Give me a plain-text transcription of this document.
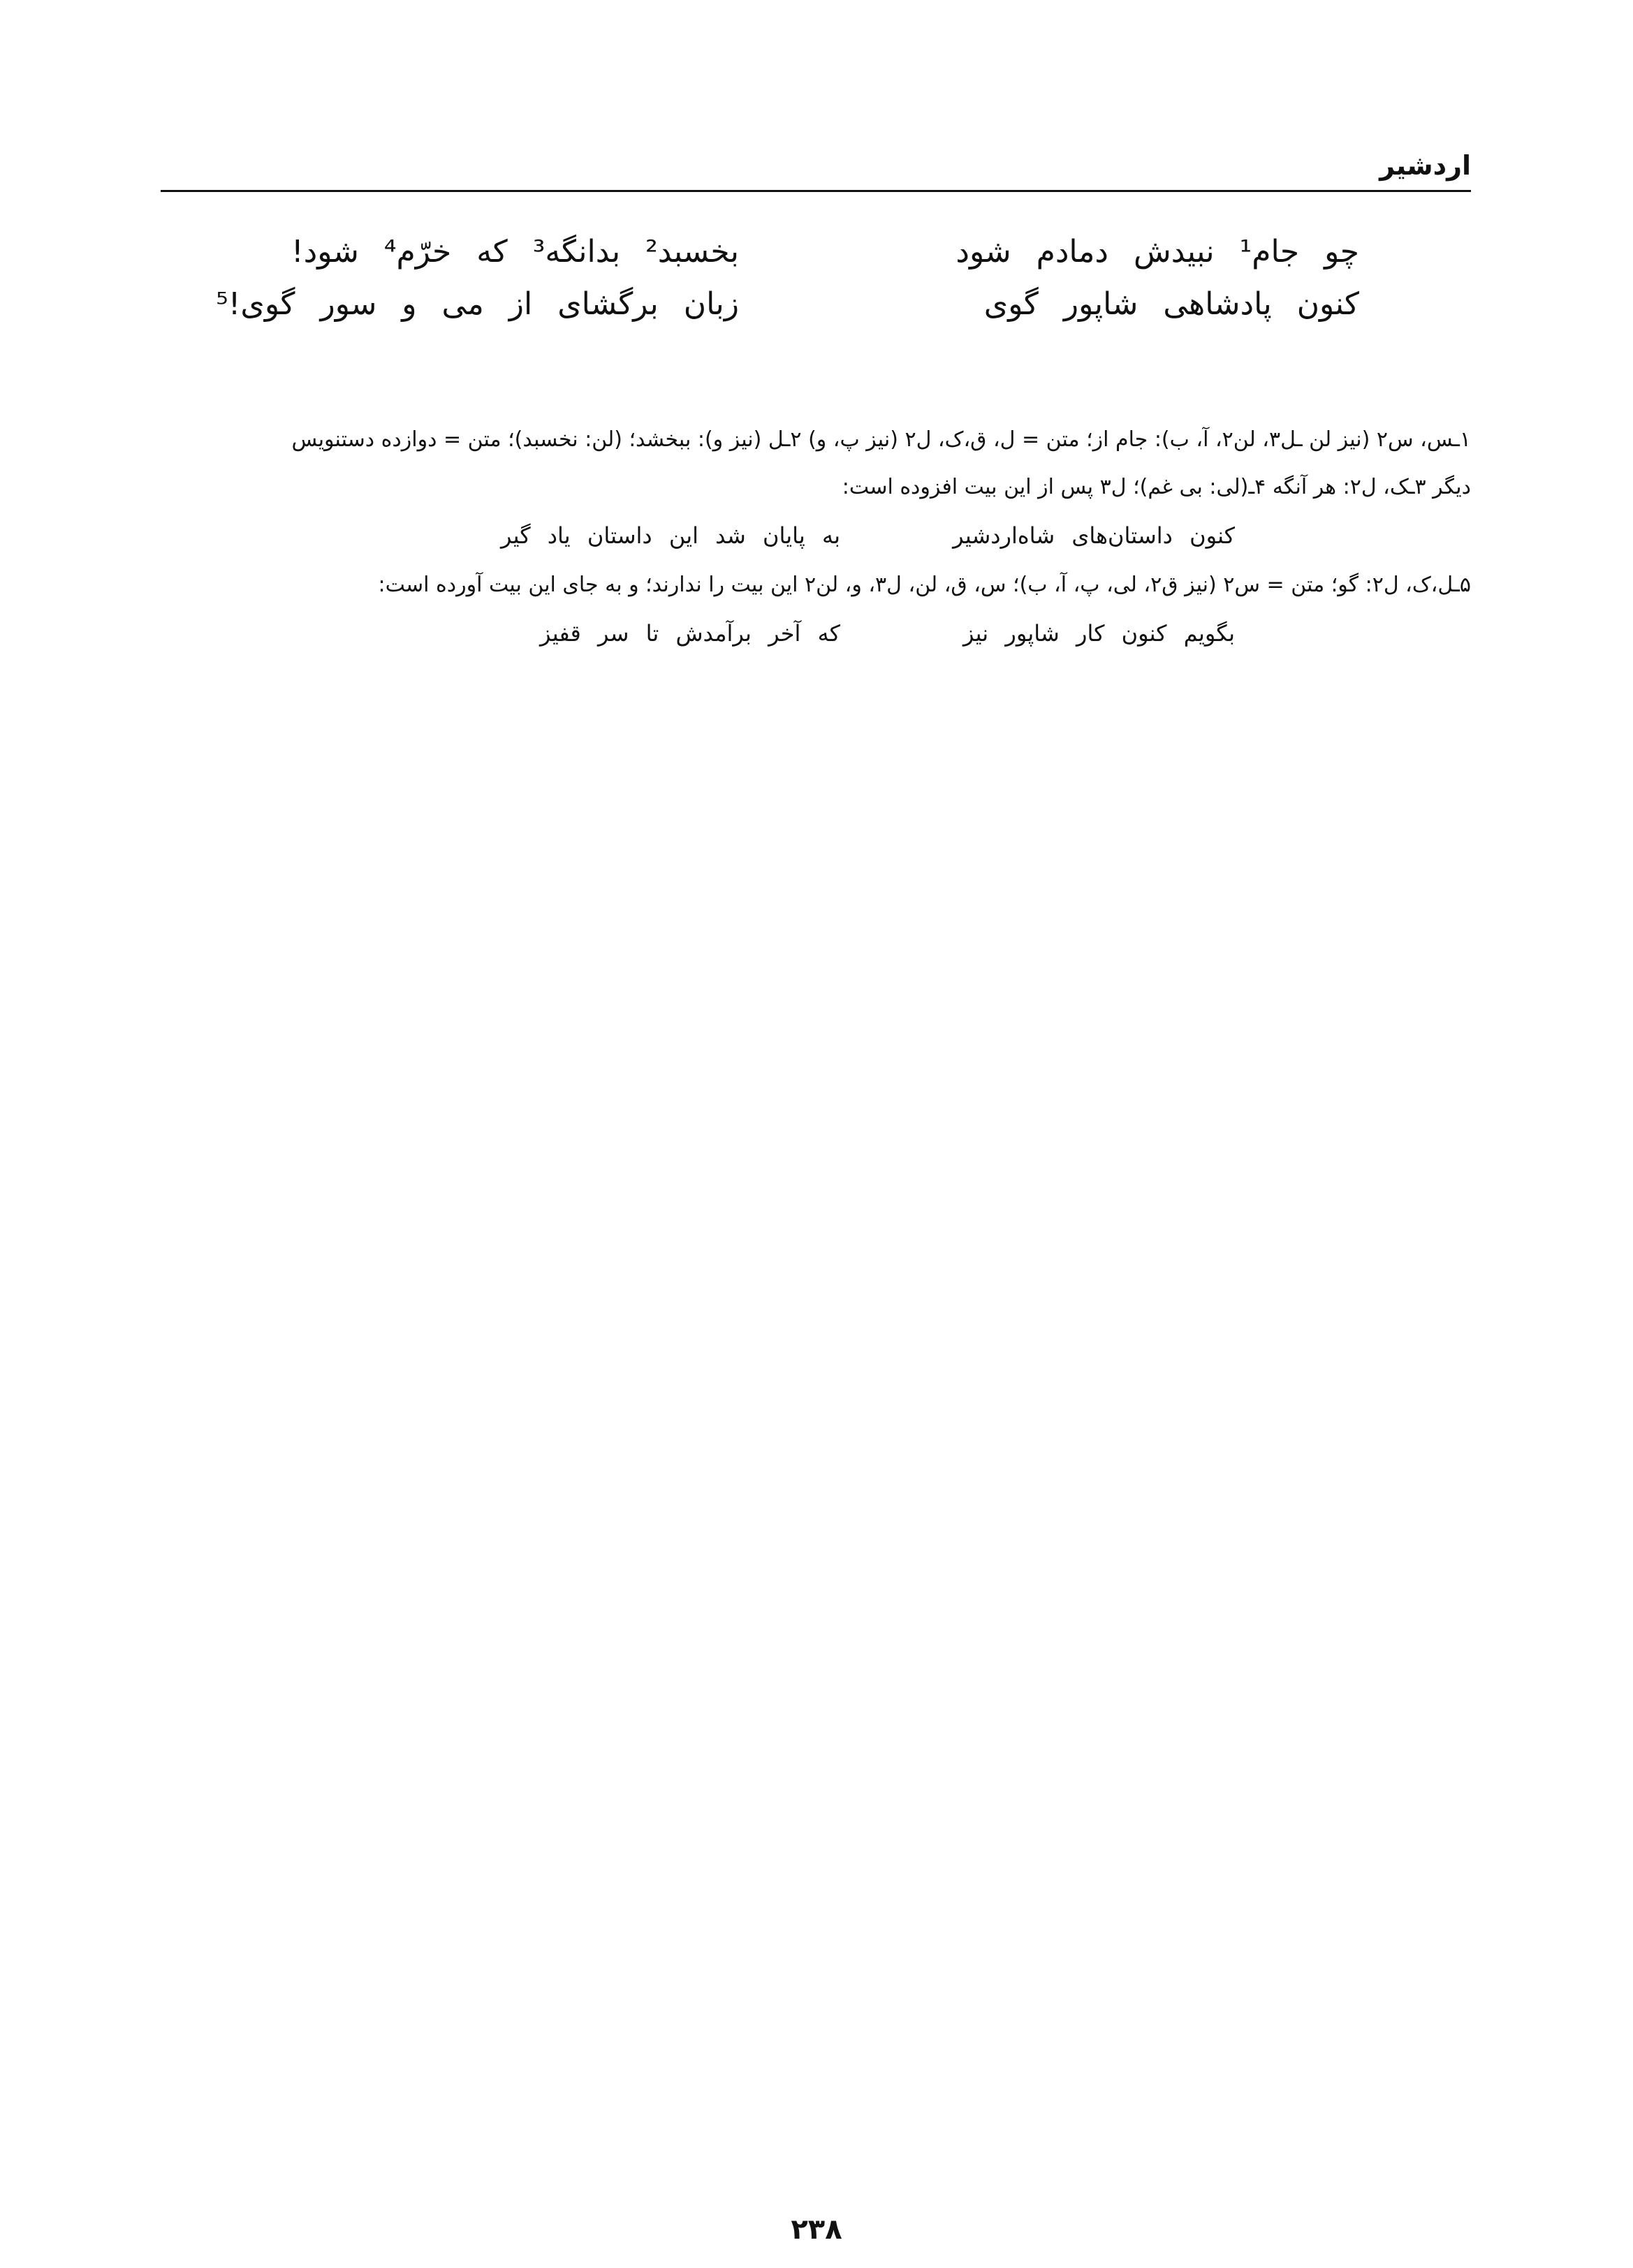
اردشیر
چو جام¹ نبیدش دمادم شود
بخسبد² بدانگه³ که خرّم⁴ شود!
کنون پادشاهی شاپور گوی
زبان برگشای از می و سور گوی!⁵
۱ـس، س۲ (نیز لن ـل۳، لن۲، آ، ب): جام از؛ متن = ل، ق،ک، ل۲ (نیز پ، و) ۲ـل (نیز و): ببخشد؛ (لن: نخسبد)؛ متن = دوازده دستنویس
دیگر ۳ـک، ل۲: هر آنگه ۴ـ(لی: بی غم)؛ ل۳ پس از این بیت افزوده است:
کنون داستان‌های شاه‌اردشیر
به پایان شد این داستان یاد گیر
۵ـل،ک، ل۲: گو؛ متن = س۲ (نیز ق۲، لی، پ، آ، ب)؛ س، ق، لن، ل۳، و، لن۲ این بیت را ندارند؛ و به جای این بیت آورده است:
بگویم کنون کار شاپور نیز
که آخر برآمدش تا سر قفیز
۲۳۸
